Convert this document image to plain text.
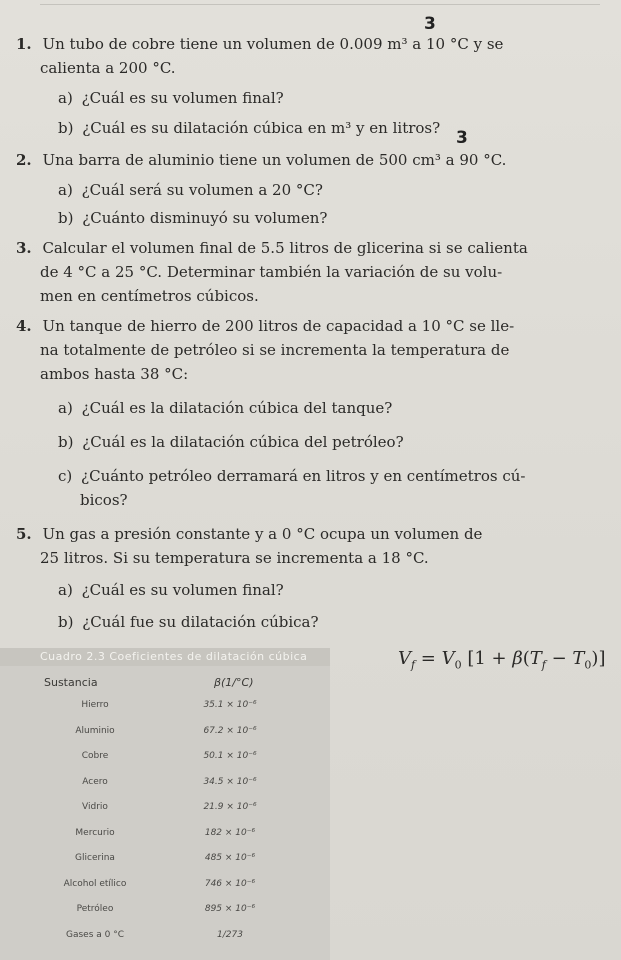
1. Un tubo de cobre tiene un volumen de 0.009 m³ a 10 °C y se
3
calienta a 200 °C.
a) ¿Cuál es su volumen final?
b) ¿Cuál es su dilatación cúbica en m³ y en litros? 3
2. Una barra de aluminio tiene un volumen de 500 cm³ a 90 °C.
a) ¿Cuál será su volumen a 20 °C?
b) ¿Cuánto disminuyó su volumen?
3. Calcular el volumen final de 5.5 litros de glicerina si se calienta
de 4 °C a 25 °C. Determinar también la variación de su volu-
men en centímetros cúbicos.
4. Un tanque de hierro de 200 litros de capacidad a 10 °C se lle-
na totalmente de petróleo si se incrementa la temperatura de
ambos hasta 38 °C:
a) ¿Cuál es la dilatación cúbica del tanque?
b) ¿Cuál es la dilatación cúbica del petróleo?
c) ¿Cuánto petróleo derramará en litros y en centímetros cú-
bicos?
5. Un gas a presión constante y a 0 °C ocupa un volumen de
25 litros. Si su temperatura se incrementa a 18 °C.
a) ¿Cuál es su volumen final?
b) ¿Cuál fue su dilatación cúbica?
Cuadro 2.3 Coeficientes de dilatación cúbica
Sustancia	β(1/°C)
Hierro	35.1 × 10⁻⁶
Aluminio	67.2 × 10⁻⁶
Cobre	50.1 × 10⁻⁶
Acero	34.5 × 10⁻⁶
Vidrio	21.9 × 10⁻⁶
Mercurio	182 × 10⁻⁶
Glicerina	485 × 10⁻⁶
Alcohol etílico	746 × 10⁻⁶
Petróleo	895 × 10⁻⁶
Gases a 0 °C	1/273
$V_f = V_0$ $[1 + \beta(T_f - T_0)]$
